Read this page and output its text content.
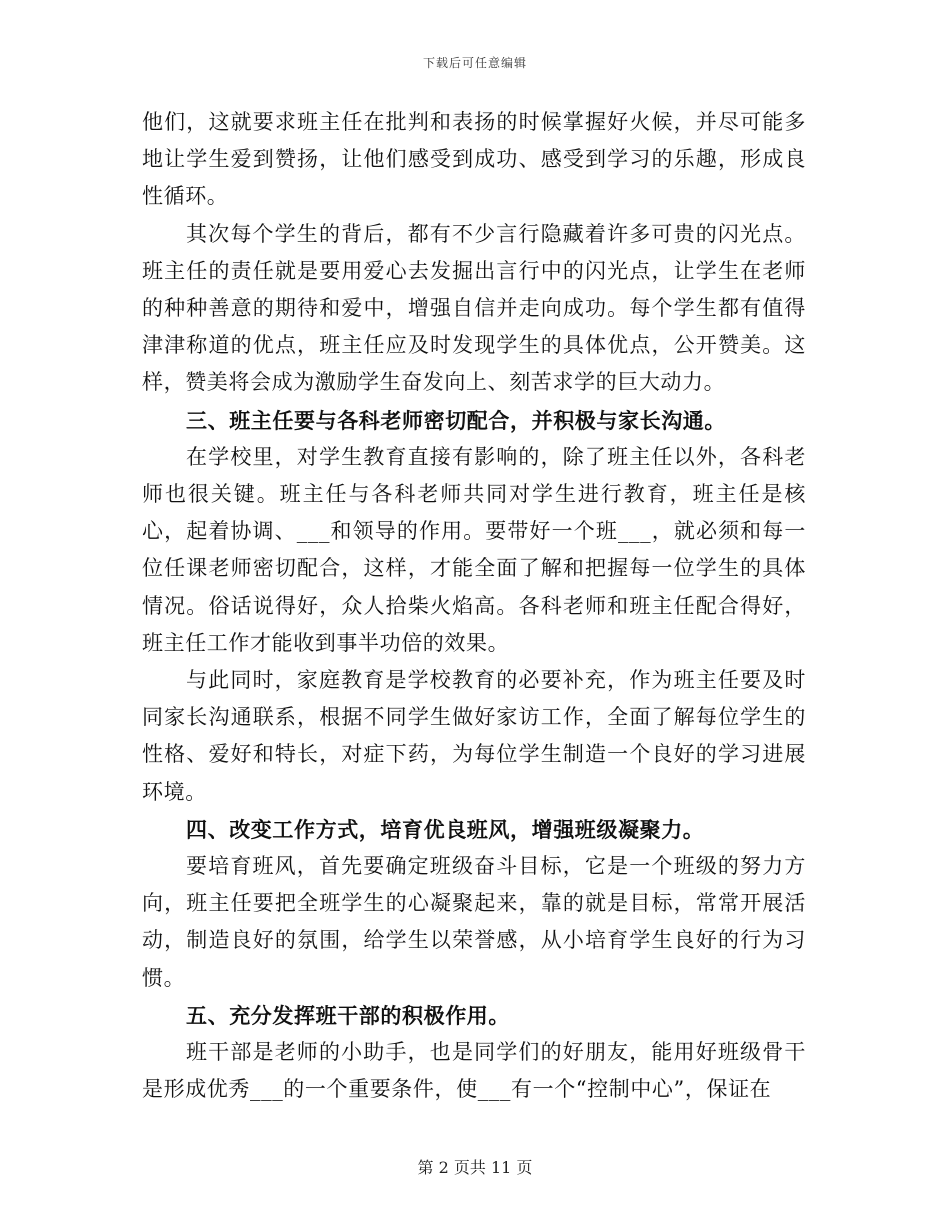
下载后可任意编辑

他们，这就要求班主任在批判和表扬的时候掌握好火候，并尽可能多地让学生爱到赞扬，让他们感受到成功、感受到学习的乐趣，形成良性循环。

其次每个学生的背后，都有不少言行隐藏着许多可贵的闪光点。班主任的责任就是要用爱心去发掘出言行中的闪光点，让学生在老师的种种善意的期待和爱中，增强自信并走向成功。每个学生都有值得津津称道的优点，班主任应及时发现学生的具体优点，公开赞美。这样，赞美将会成为激励学生奋发向上、刻苦求学的巨大动力。

三、班主任要与各科老师密切配合，并积极与家长沟通。

在学校里，对学生教育直接有影响的，除了班主任以外，各科老师也很关键。班主任与各科老师共同对学生进行教育，班主任是核心，起着协调、___和领导的作用。要带好一个班___，就必须和每一位任课老师密切配合，这样，才能全面了解和把握每一位学生的具体情况。俗话说得好，众人拾柴火焰高。各科老师和班主任配合得好，班主任工作才能收到事半功倍的效果。

与此同时，家庭教育是学校教育的必要补充，作为班主任要及时同家长沟通联系，根据不同学生做好家访工作，全面了解每位学生的性格、爱好和特长，对症下药，为每位学生制造一个良好的学习进展环境。

四、改变工作方式，培育优良班风，增强班级凝聚力。

要培育班风，首先要确定班级奋斗目标，它是一个班级的努力方向，班主任要把全班学生的心凝聚起来，靠的就是目标，常常开展活动，制造良好的氛围，给学生以荣誉感，从小培育学生良好的行为习惯。

五、充分发挥班干部的积极作用。

班干部是老师的小助手，也是同学们的好朋友，能用好班级骨干是形成优秀___的一个重要条件，使___有一个“控制中心”，保证在

第 2 页共 11 页
